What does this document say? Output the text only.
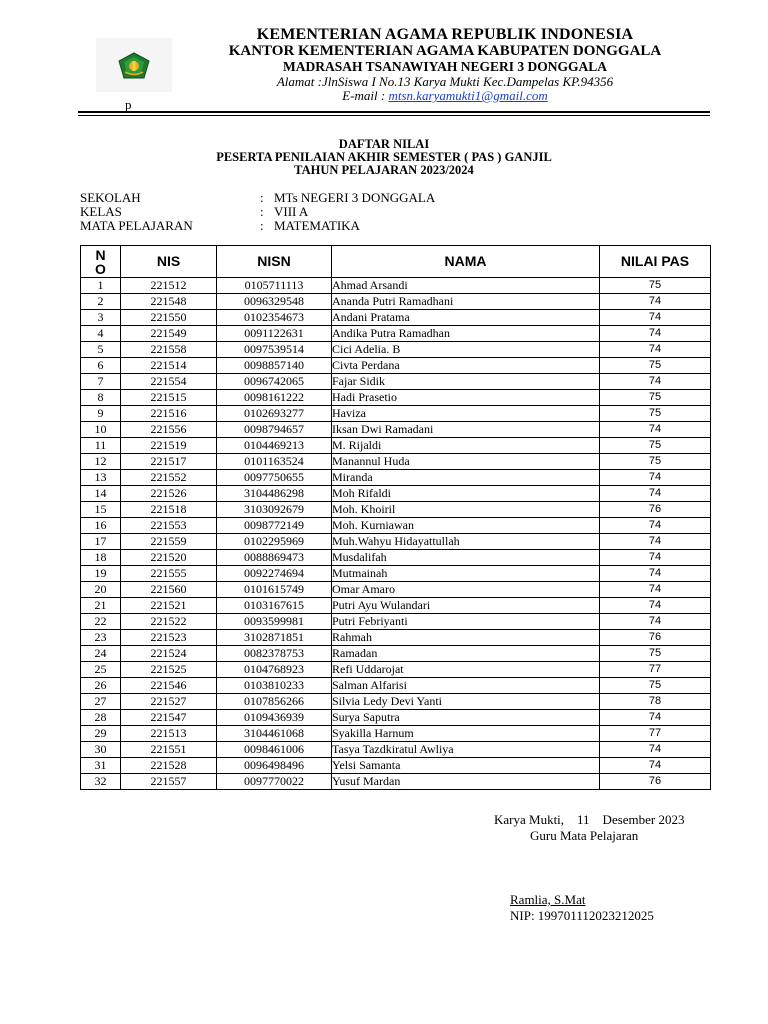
p
KEMENTERIAN AGAMA REPUBLIK INDONESIA
KANTOR KEMENTERIAN AGAMA KABUPATEN DONGGALA
MADRASAH TSANAWIYAH NEGERI 3 DONGGALA
Alamat :JlnSiswa I No.13 Karya Mukti Kec.Dampelas KP.94356
E-mail : mtsn.karyamukti1@gmail.com
DAFTAR NILAI
PESERTA PENILAIAN AKHIR SEMESTER ( PAS ) GANJIL
TAHUN PELAJARAN 2023/2024
SEKOLAH	: MTs NEGERI 3 DONGGALA
KELAS	: VIII A
MATA PELAJARAN	: MATEMATIKA
N O	NIS	NISN	NAMA	NILAI PAS
1	221512	0105711113	Ahmad Arsandi	75
2	221548	0096329548	Ananda Putri Ramadhani	74
3	221550	0102354673	Andani Pratama	74
4	221549	0091122631	Andika Putra Ramadhan	74
5	221558	0097539514	Cici Adelia. B	74
6	221514	0098857140	Civta Perdana	75
7	221554	0096742065	Fajar Sidik	74
8	221515	0098161222	Hadi Prasetio	75
9	221516	0102693277	Haviza	75
10	221556	0098794657	Iksan Dwi Ramadani	74
11	221519	0104469213	M. Rijaldi	75
12	221517	0101163524	Manannul Huda	75
13	221552	0097750655	Miranda	74
14	221526	3104486298	Moh Rifaldi	74
15	221518	3103092679	Moh. Khoiril	76
16	221553	0098772149	Moh. Kurniawan	74
17	221559	0102295969	Muh.Wahyu Hidayattullah	74
18	221520	0088869473	Musdalifah	74
19	221555	0092274694	Mutmainah	74
20	221560	0101615749	Omar Amaro	74
21	221521	0103167615	Putri Ayu Wulandari	74
22	221522	0093599981	Putri Febriyanti	74
23	221523	3102871851	Rahmah	76
24	221524	0082378753	Ramadan	75
25	221525	0104768923	Refi Uddarojat	77
26	221546	0103810233	Salman Alfarisi	75
27	221527	0107856266	Silvia Ledy Devi Yanti	78
28	221547	0109436939	Surya Saputra	74
29	221513	3104461068	Syakilla Harnum	77
30	221551	0098461006	Tasya Tazdkiratul Awliya	74
31	221528	0096498496	Yelsi Samanta	74
32	221557	0097770022	Yusuf Mardan	76
Karya Mukti,    11    Desember 2023
Guru Mata Pelajaran
Ramlia, S.Mat
NIP: 199701112023212025
